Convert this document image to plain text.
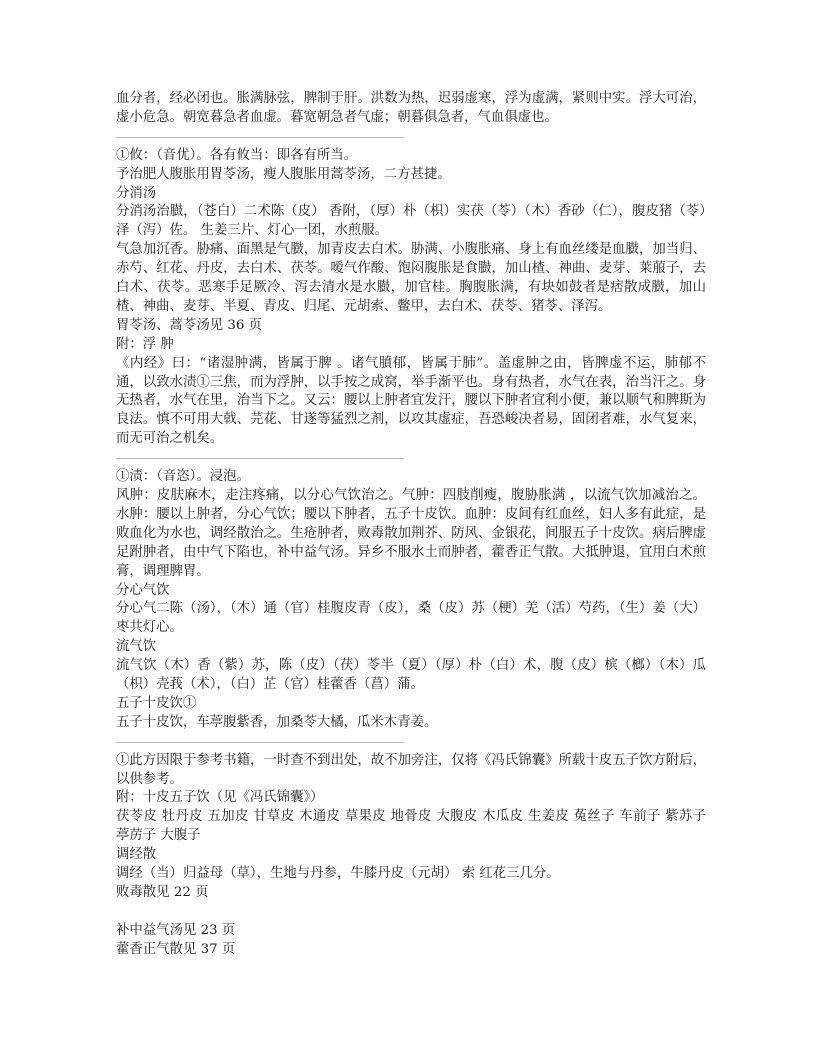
血分者，经必闭也。胀满脉弦，脾制于肝。洪数为热，迟弱虚寒，浮为虚满，紧则中实。浮大可治，虚小危急。朝宽暮急者血虚。暮宽朝急者气虚；朝暮俱急者，气血俱虚也。

①攸：（音优）。各有攸当：即各有所当。

予治肥人腹胀用胃苓汤，瘦人腹胀用蒿苓汤，二方甚捷。

分消汤

分消汤治臌，（苍白）二术陈（皮） 香附，（厚）朴（枳）实茯（苓）（木）香砂（仁），腹皮猪（苓）泽（泻）佐。 生姜三片、灯心一团，水煎服。

气急加沉香。胁痛、面黑是气臌，加青皮去白术。胁满、小腹胀痛、身上有血丝缕是血臌，加当归、赤芍、红花、丹皮，去白术、茯苓。嗳气作酸、饱闷腹胀是食臌，加山楂、神曲、麦芽、莱菔子，去白术、茯苓。恶寒手足厥冷、泻去清水是水臌，加官桂。胸腹胀满，有块如鼓者是痞散成臌，加山楂、神曲、麦芽、半夏、青皮、归尾、元胡索、鳖甲，去白术、茯苓、猪苓、泽泻。

胃苓汤、蒿苓汤见 36 页

附：浮 肿

《内经》曰：“诸湿肿满，皆属于脾 。诸气膹郁，皆属于肺”。盖虚肿之由，皆脾虚不运，肺郁不通，以致水渍①三焦，而为浮肿，以手按之成窝，举手渐平也。身有热者，水气在表，治当汗之。身无热者，水气在里，治当下之。又云：腰以上肿者宜发汗，腰以下肿者宜利小便，兼以顺气和脾斯为良法。慎不可用大戟、芫花、甘遂等猛烈之剂，以攻其虚症，吾恐峻决者易，固闭者难，水气复来，而无可治之机矣。

①渍：（音恣）。浸泡。

风肿：皮肤麻木，走注疼痛，以分心气饮治之。气肿：四肢削瘦，腹胁胀满 ，以流气饮加减治之。水肿：腰以上肿者，分心气饮；腰以下肿者，五子十皮饮。血肿：皮间有红血丝，妇人多有此症，是败血化为水也，调经散治之。生疮肿者，败毒散加荆芥、防风、金银花，间服五子十皮饮。病后脾虚足跗肿者，由中气下陷也，补中益气汤。异乡不服水土而肿者，藿香正气散。大抵肿退，宜用白术煎膏，调理脾胃。

分心气饮

分心气二陈（汤），（木）通（官）桂腹皮青（皮），桑（皮）苏（梗）羌（活）芍药，（生）姜（大）枣共灯心。

流气饮

流气饮（木）香（紫）苏，陈（皮）（茯）苓半（夏）（厚）朴（白）术，腹（皮）槟（榔）（木）瓜 （枳）壳莪（术），（白）芷（官）桂藿香（菖）蒲。

五子十皮饮①

五子十皮饮，车葶腹紫香，加桑苓大橘，瓜米木青姜。

①此方因限于参考书籍，一时查不到出处，故不加旁注，仅将《冯氏锦囊》所载十皮五子饮方附后，以供参考。

附：十皮五子饮（见《冯氏锦囊》）

茯苓皮 牡丹皮 五加皮 甘草皮 木通皮 草果皮 地骨皮 大腹皮 木瓜皮 生姜皮 菟丝子 车前子 紫苏子 葶苈子 大腹子

调经散

调经（当）归益母（草），生地与丹参，牛膝丹皮（元胡） 索 红花三几分。

败毒散见 22 页

补中益气汤见 23 页

藿香正气散见 37 页
